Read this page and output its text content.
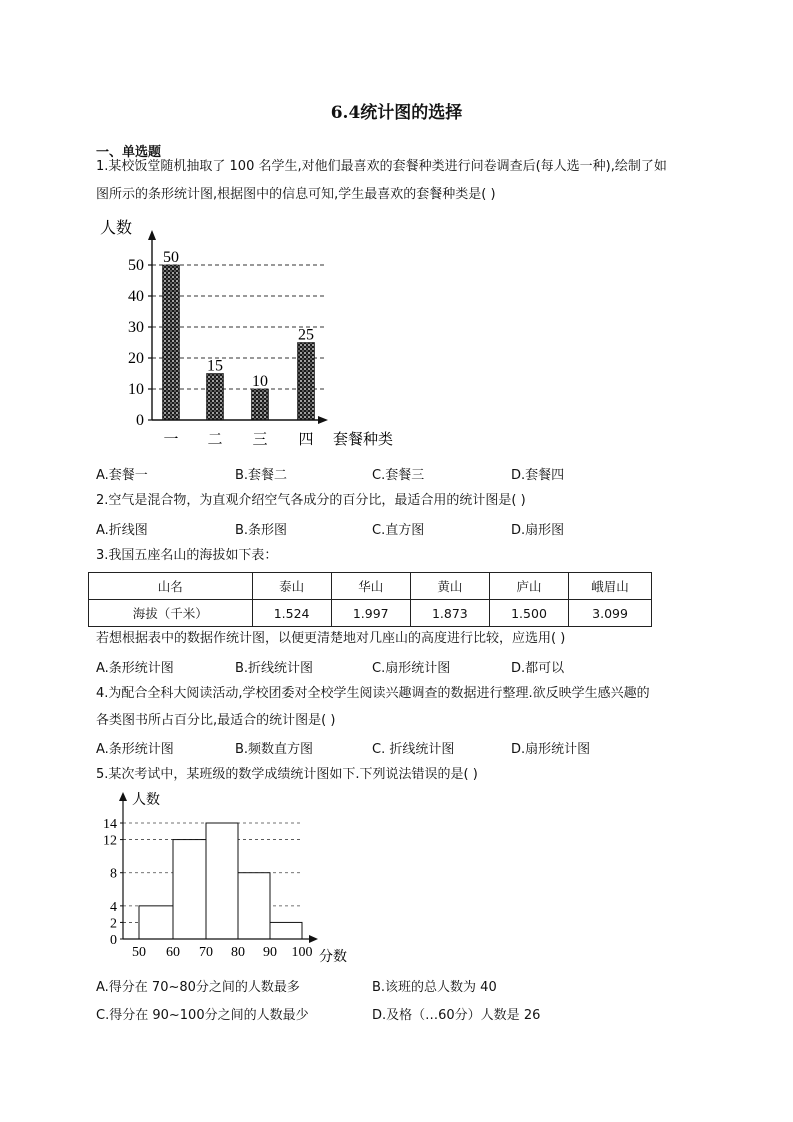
6.4统计图的选择
一、单选题
1.某校饭堂随机抽取了 100 名学生,对他们最喜欢的套餐种类进行问卷调查后(每人选一种),绘制了如
图所示的条形统计图,根据图中的信息可知,学生最喜欢的套餐种类是( )
0
10
20
30
40
50
人数
套餐种类
50
一
15
二
10
三
25
四
A.套餐一	B.套餐二	C.套餐三	D.套餐四
2.空气是混合物，为直观介绍空气各成分的百分比，最适合用的统计图是( )
A.折线图	B.条形图	C.直方图	D.扇形图
3.我国五座名山的海拔如下表：
山名	泰山	华山	黄山	庐山	峨眉山
海拔（千米）	1.524	1.997	1.873	1.500	3.099
若想根据表中的数据作统计图，以便更清楚地对几座山的高度进行比较，应选用( )
A.条形统计图	B.折线统计图	C.扇形统计图	D.都可以
4.为配合全科大阅读活动,学校团委对全校学生阅读兴趣调查的数据进行整理.欲反映学生感兴趣的
各类图书所占百分比,最适合的统计图是( )
A.条形统计图	B.频数直方图	C. 折线统计图	D.扇形统计图
5.某次考试中，某班级的数学成绩统计图如下.下列说法错误的是( )
0
2
4
8
12
14
50 60 70 80 90 100
人数
分数
A.得分在 70~80分之间的人数最多	B.该班的总人数为 40
C.得分在 90~100分之间的人数最少	D.及格（…60分）人数是 26
